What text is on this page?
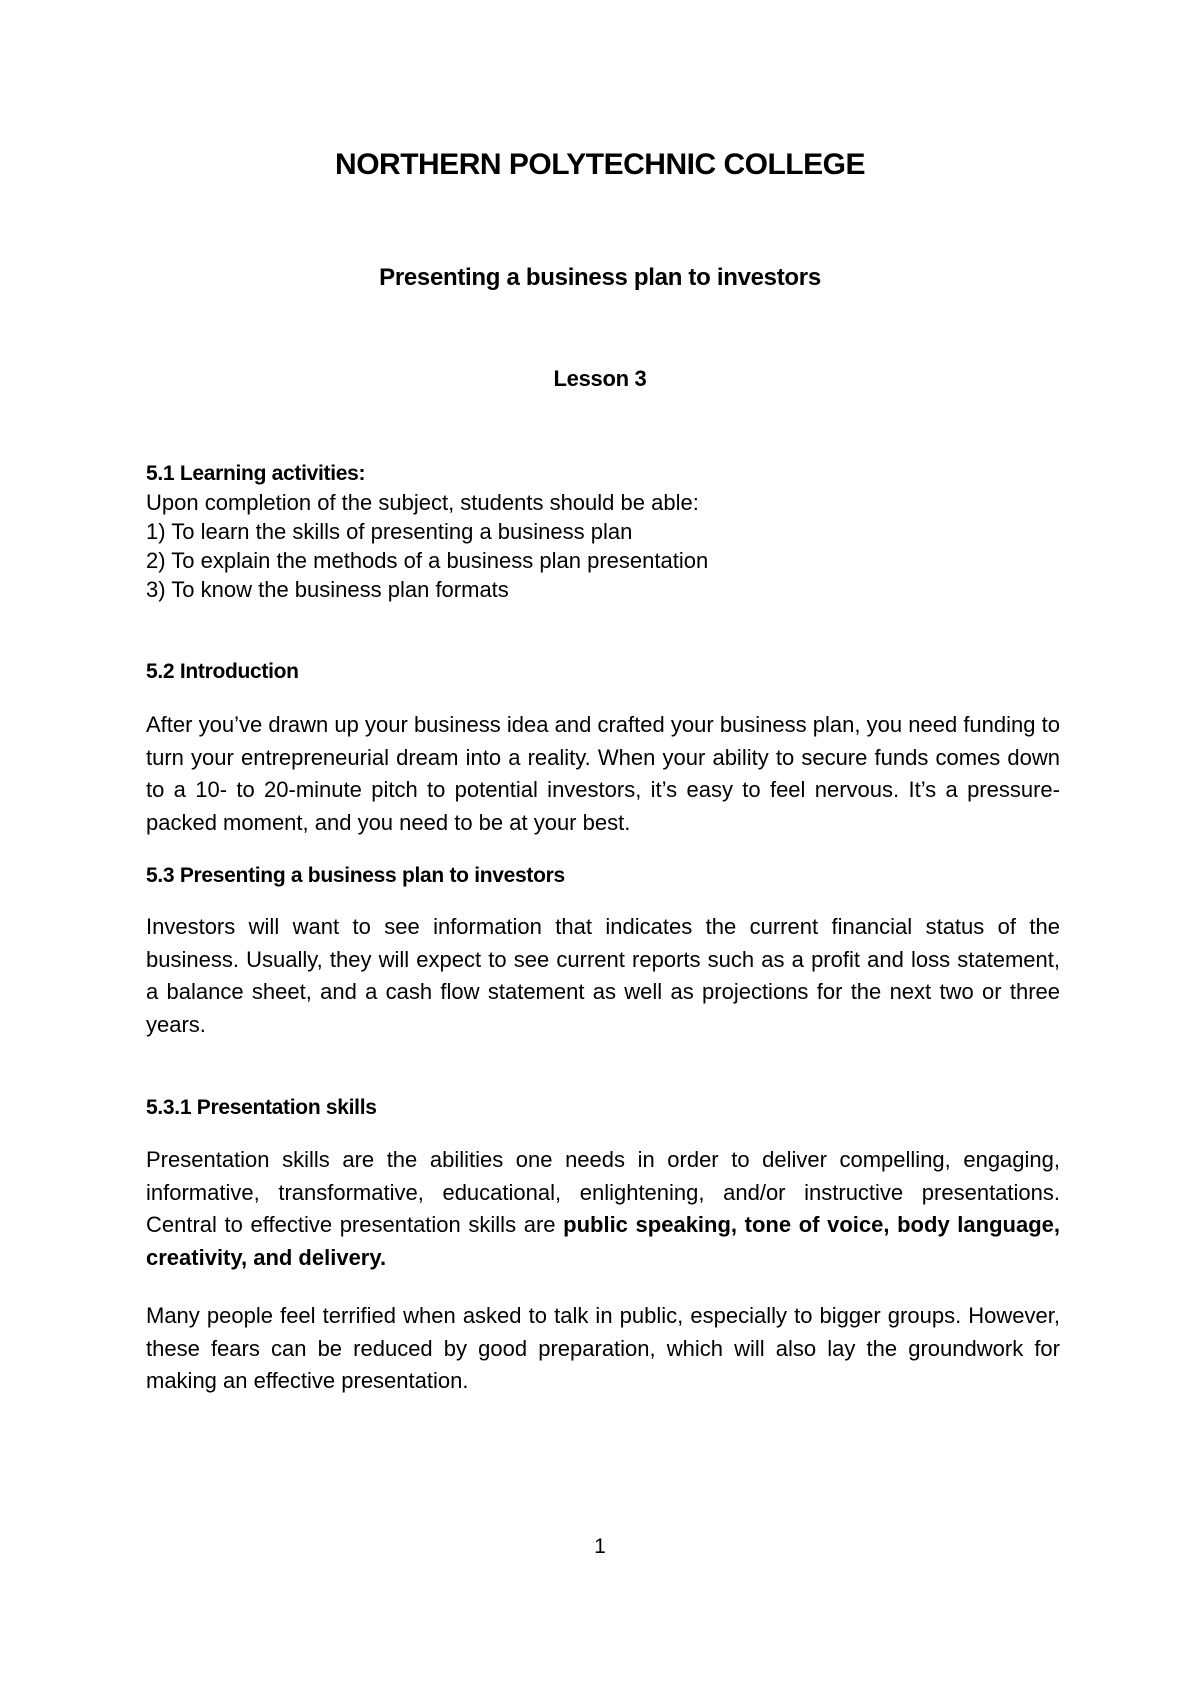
NORTHERN POLYTECHNIC COLLEGE
Presenting a business plan to investors
Lesson 3
5.1 Learning activities:
Upon completion of the subject, students should be able:
1) To learn the skills of presenting a business plan
2) To explain the methods of a business plan presentation
3) To know the business plan formats
5.2 Introduction
After you’ve drawn up your business idea and crafted your business plan, you need funding to turn your entrepreneurial dream into a reality. When your ability to secure funds comes down to a 10- to 20-minute pitch to potential investors, it’s easy to feel nervous. It’s a pressure-packed moment, and you need to be at your best.
5.3 Presenting a business plan to investors
Investors will want to see information that indicates the current financial status of the business. Usually, they will expect to see current reports such as a profit and loss statement, a balance sheet, and a cash flow statement as well as projections for the next two or three years.
5.3.1 Presentation skills
Presentation skills are the abilities one needs in order to deliver compelling, engaging, informative, transformative, educational, enlightening, and/or instructive presentations. Central to effective presentation skills are public speaking, tone of voice, body language, creativity, and delivery.
Many people feel terrified when asked to talk in public, especially to bigger groups. However, these fears can be reduced by good preparation, which will also lay the groundwork for making an effective presentation.
1
